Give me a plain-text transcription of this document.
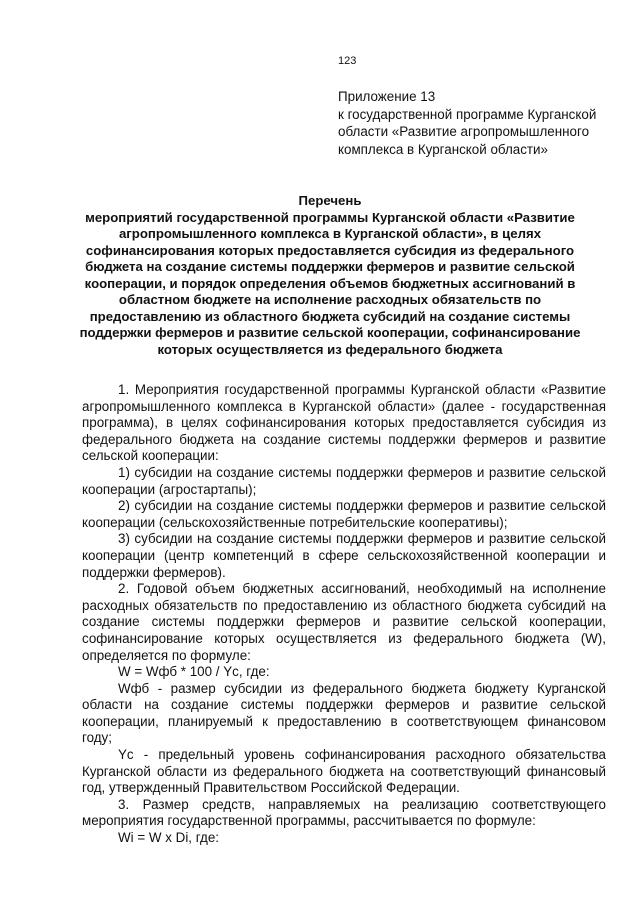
123
Приложение 13
к государственной программе Курганской
области «Развитие агропромышленного
комплекса в Курганской области»
Перечень
мероприятий государственной программы Курганской области «Развитие
агропромышленного комплекса в Курганской области», в целях
софинансирования которых предоставляется субсидия из федерального
бюджета на создание системы поддержки фермеров и развитие сельской
кооперации, и порядок определения объемов бюджетных ассигнований в
областном бюджете на исполнение расходных обязательств по
предоставлению из областного бюджета субсидий на создание системы
поддержки фермеров и развитие сельской кооперации, софинансирование
которых осуществляется из федерального бюджета

1. Мероприятия государственной программы Курганской области «Развитие агропромышленного комплекса в Курганской области» (далее - государственная программа), в целях софинансирования которых предоставляется субсидия из федерального бюджета на создание системы поддержки фермеров и развитие сельской кооперации:

1) субсидии на создание системы поддержки фермеров и развитие сельской кооперации (агростартапы);

2) субсидии на создание системы поддержки фермеров и развитие сельской кооперации (сельскохозяйственные потребительские кооперативы);

3) субсидии на создание системы поддержки фермеров и развитие сельской кооперации (центр компетенций в сфере сельскохозяйственной кооперации и поддержки фермеров).

2. Годовой объем бюджетных ассигнований, необходимый на исполнение расходных обязательств по предоставлению из областного бюджета субсидий на создание системы поддержки фермеров и развитие сельской кооперации, софинансирование которых осуществляется из федерального бюджета (W), определяется по формуле:

W = Wфб * 100 / Yc, где:

Wфб - размер субсидии из федерального бюджета бюджету Курганской области на создание системы поддержки фермеров и развитие сельской кооперации, планируемый к предоставлению в соответствующем финансовом году;

Yc - предельный уровень софинансирования расходного обязательства Курганской области из федерального бюджета на соответствующий финансовый год, утвержденный Правительством Российской Федерации.

3. Размер средств, направляемых на реализацию соответствующего мероприятия государственной программы, рассчитывается по формуле:

Wi = W x Di, где:
